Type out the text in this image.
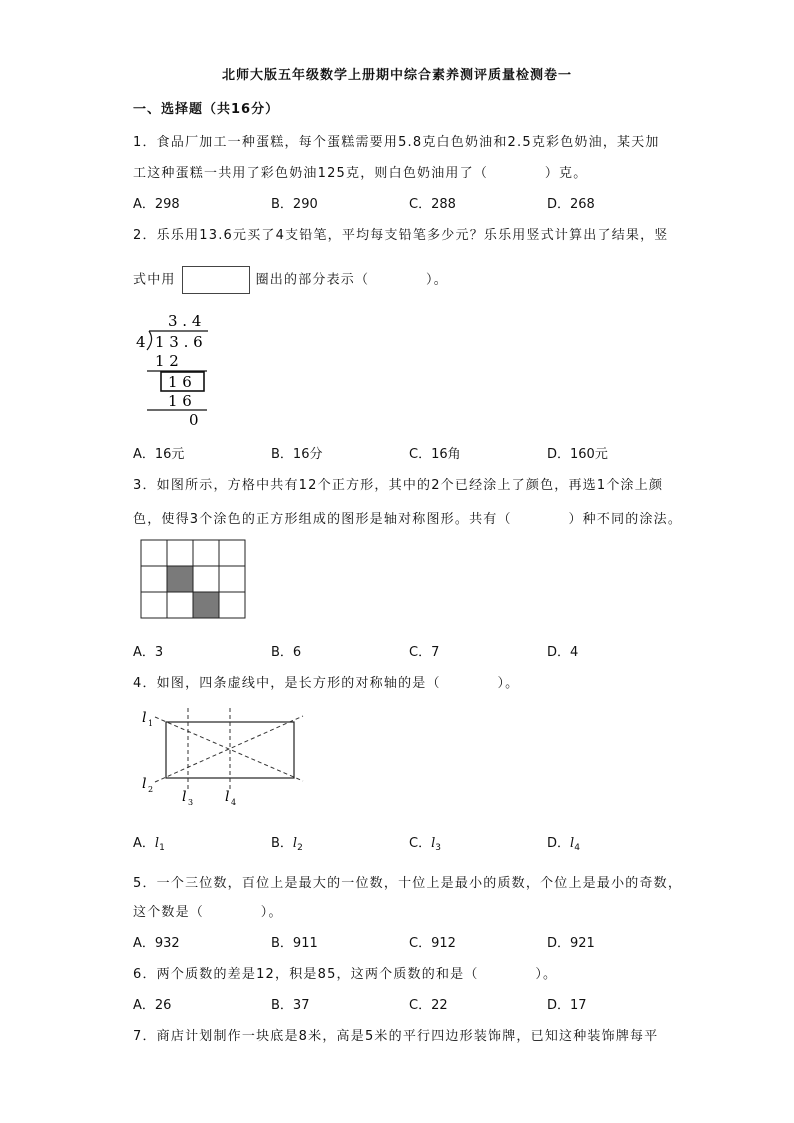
北师大版五年级数学上册期中综合素养测评质量检测卷一
一、选择题（共16分）
1．食品厂加工一种蛋糕，每个蛋糕需要用5.8克白色奶油和2.5克彩色奶油，某天加
工这种蛋糕一共用了彩色奶油125克，则白色奶油用了（　　　　）克。
A．298	B．290	C．288	D．268
2．乐乐用13.6元买了4支铅笔，平均每支铅笔多少元？乐乐用竖式计算出了结果，竖
式中用	圈出的部分表示（　　　　）。
3 . 4
4 1 3 . 6
1 2
1 6
1 6
0
A．16元	B．16分	C．16角	D．160元
3．如图所示，方格中共有12个正方形，其中的2个已经涂上了颜色，再选1个涂上颜
色，使得3个涂色的正方形组成的图形是轴对称图形。共有（　　　　）种不同的涂法。
A．3	B．6	C．7	D．4
4．如图，四条虚线中，是长方形的对称轴的是（　　　　）。
l 1
l 2 l 3 l 4
A．$l_1$	B．$l_2$	C．$l_3$	D．$l_4$
5．一个三位数，百位上是最大的一位数，十位上是最小的质数，个位上是最小的奇数，
这个数是（　　　　）。
A．932	B．911	C．912	D．921
6．两个质数的差是12，积是85，这两个质数的和是（　　　　）。
A．26	B．37	C．22	D．17
7．商店计划制作一块底是8米，高是5米的平行四边形装饰牌，已知这种装饰牌每平
